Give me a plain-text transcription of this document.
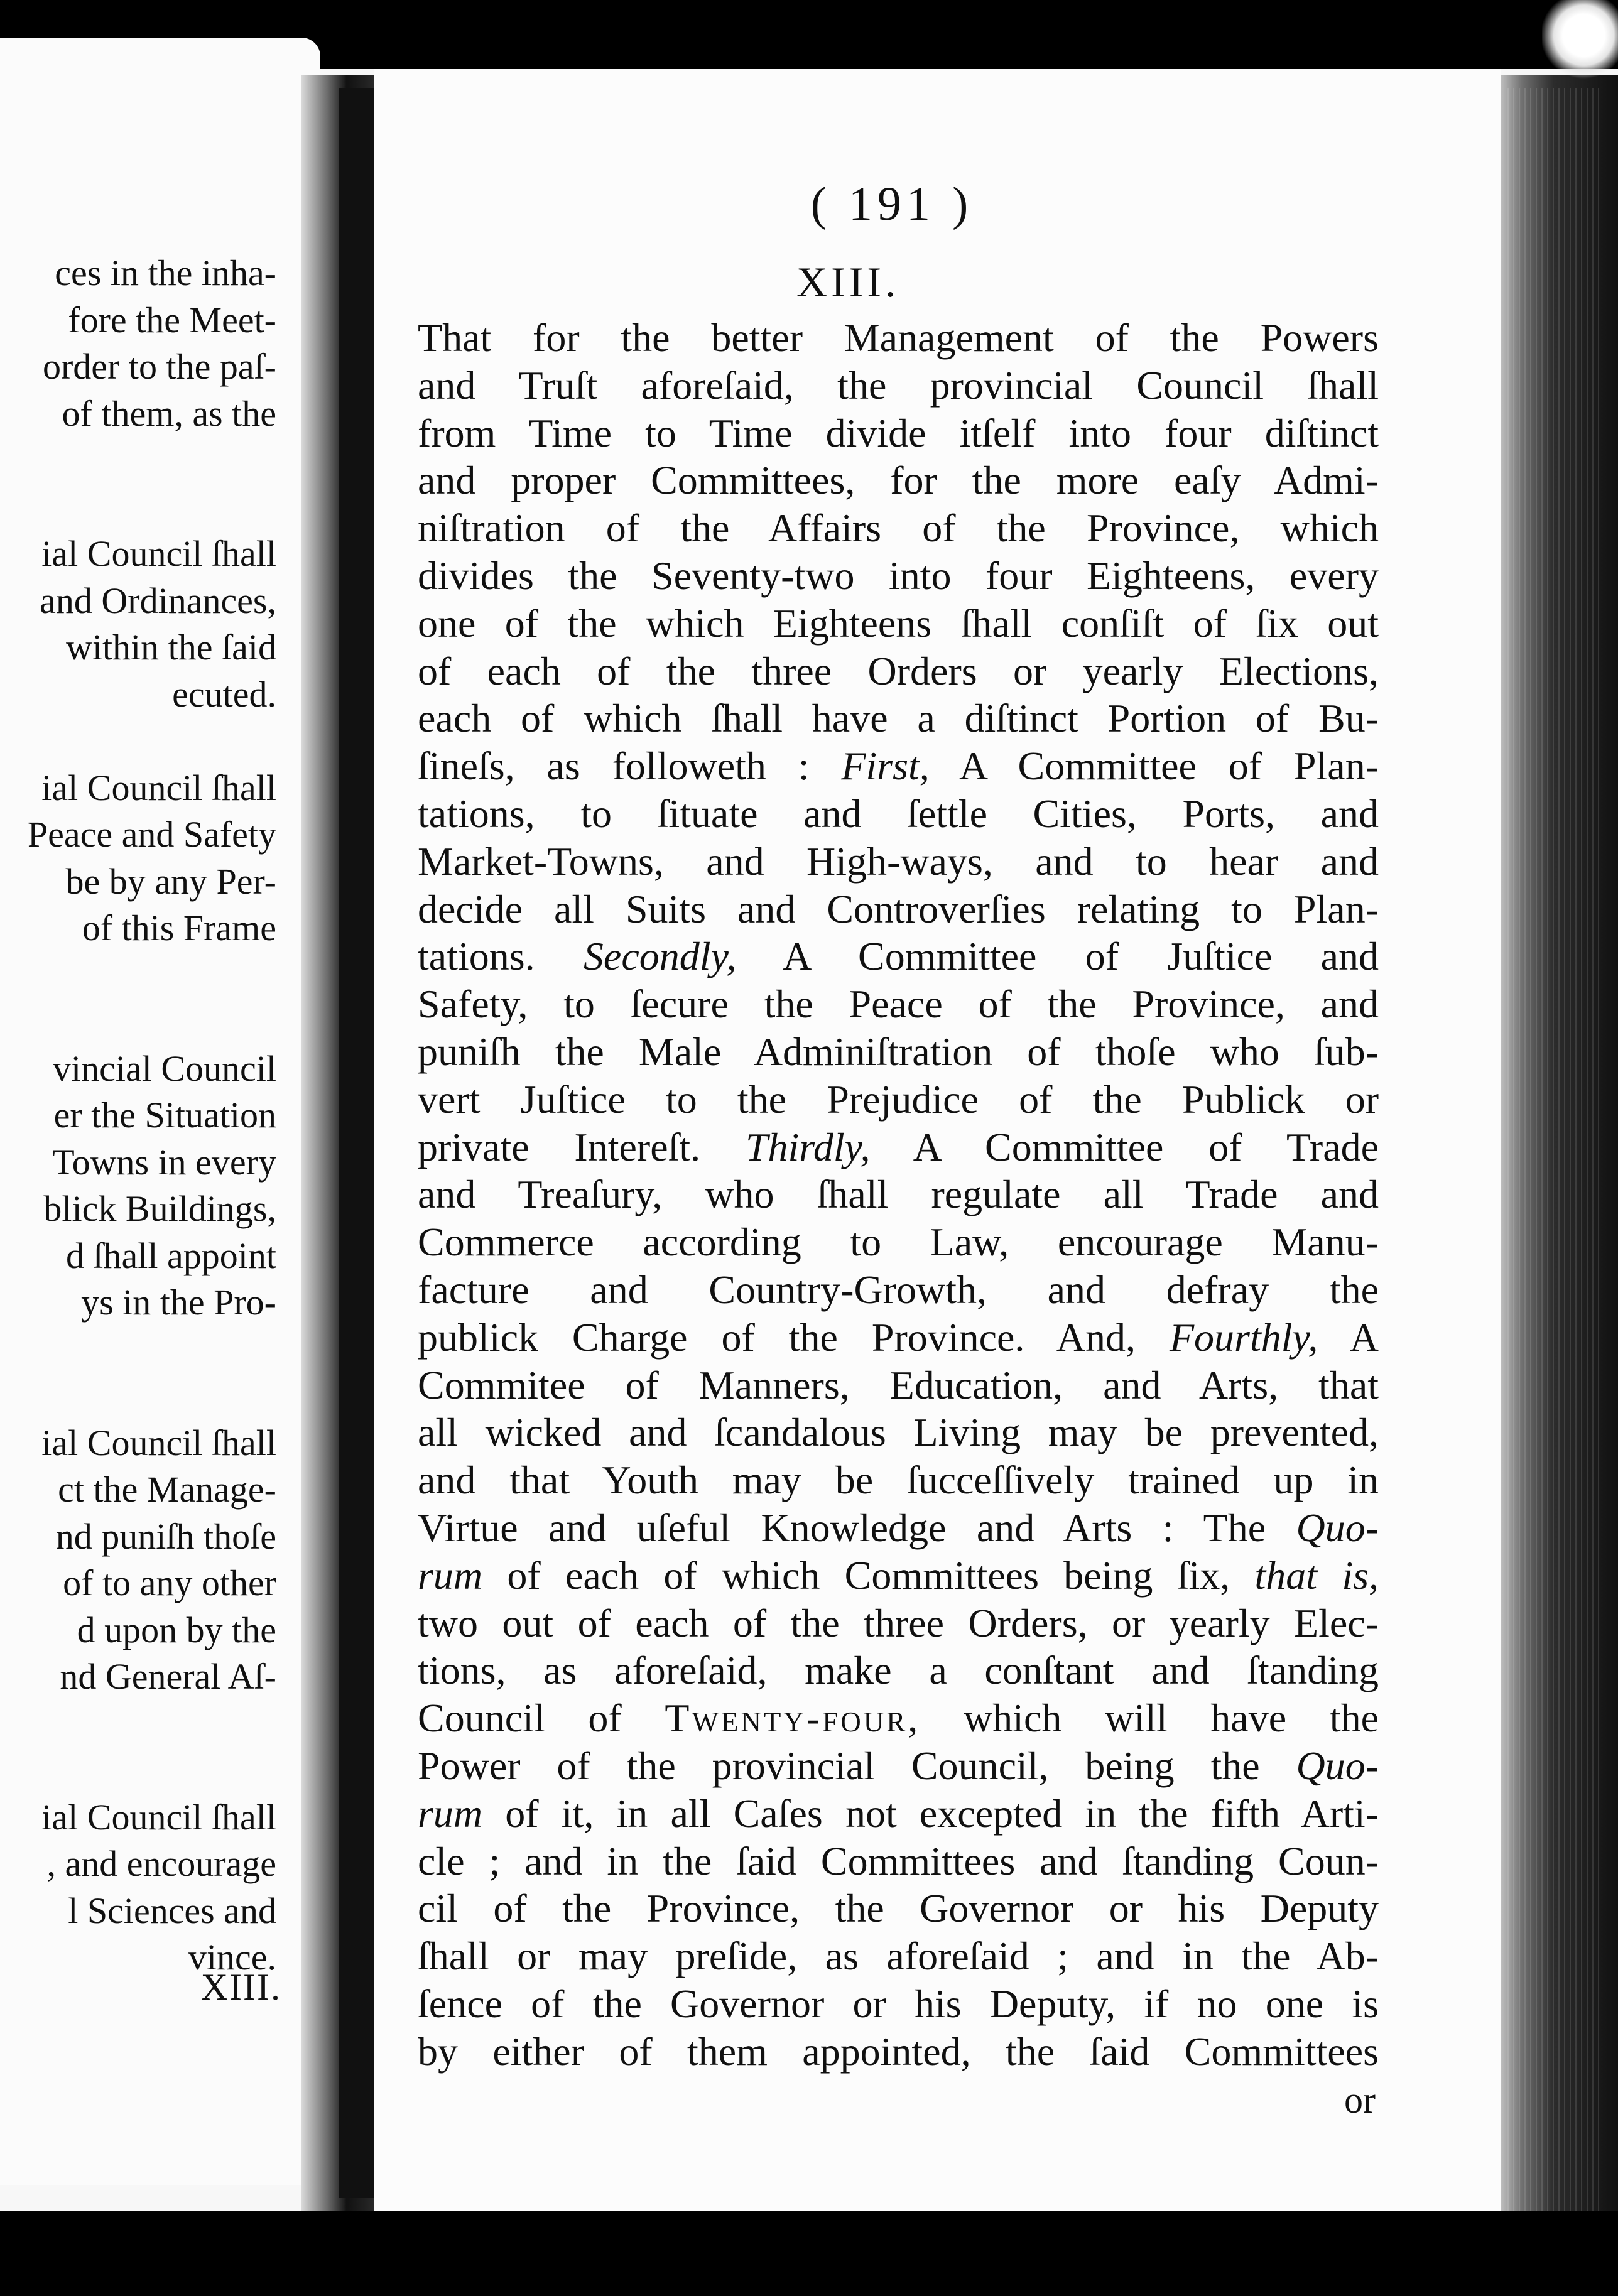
ces in the inha-
fore the Meet-
order to the paſ-
of them, as the
ial Council ſhall
and Ordinances,
within the ſaid
ecuted.
ial Council ſhall
Peace and Safety
be by any Per-
of this Frame
vincial Council
er the Situation
Towns in every
blick Buildings,
d ſhall appoint
ys in the Pro-
ial Council ſhall
ct the Manage-
nd puniſh thoſe
of to any other
d upon by the
nd General Aſ-
ial Council ſhall
, and encourage
l Sciences and
vince.
XIII.
( 191 )
XIII.
That for the better Management of the Powers
and Truſt aforeſaid, the provincial Council ſhall
from Time to Time divide itſelf into four diſtinct
and proper Committees, for the more eaſy Admi-
niſtration of the Affairs of the Province, which
divides the Seventy-two into four Eighteens, every
one of the which Eighteens ſhall conſiſt of ſix out
of each of the three Orders or yearly Elections,
each of which ſhall have a diſtinct Portion of Bu-
ſineſs, as followeth : First, A Committee of Plan-
tations, to ſituate and ſettle Cities, Ports, and
Market-Towns, and High-ways, and to hear and
decide all Suits and Controverſies relating to Plan-
tations. Secondly, A Committee of Juſtice and
Safety, to ſecure the Peace of the Province, and
puniſh the Male Adminiſtration of thoſe who ſub-
vert Juſtice to the Prejudice of the Publick or
private Intereſt. Thirdly, A Committee of Trade
and Treaſury, who ſhall regulate all Trade and
Commerce according to Law, encourage Manu-
facture and Country-Growth, and defray the
publick Charge of the Province. And, Fourthly, A
Commitee of Manners, Education, and Arts, that
all wicked and ſcandalous Living may be prevented,
and that Youth may be ſucceſſively trained up in
Virtue and uſeful Knowledge and Arts : The Quo-
rum of each of which Committees being ſix, that is,
two out of each of the three Orders, or yearly Elec-
tions, as aforeſaid, make a conſtant and ſtanding
Council of Twenty-four, which will have the
Power of the provincial Council, being the Quo-
rum of it, in all Caſes not excepted in the fifth Arti-
cle ; and in the ſaid Committees and ſtanding Coun-
cil of the Province, the Governor or his Deputy
ſhall or may preſide, as aforeſaid ; and in the Ab-
ſence of the Governor or his Deputy, if no one is
by either of them appointed, the ſaid Committees
or
